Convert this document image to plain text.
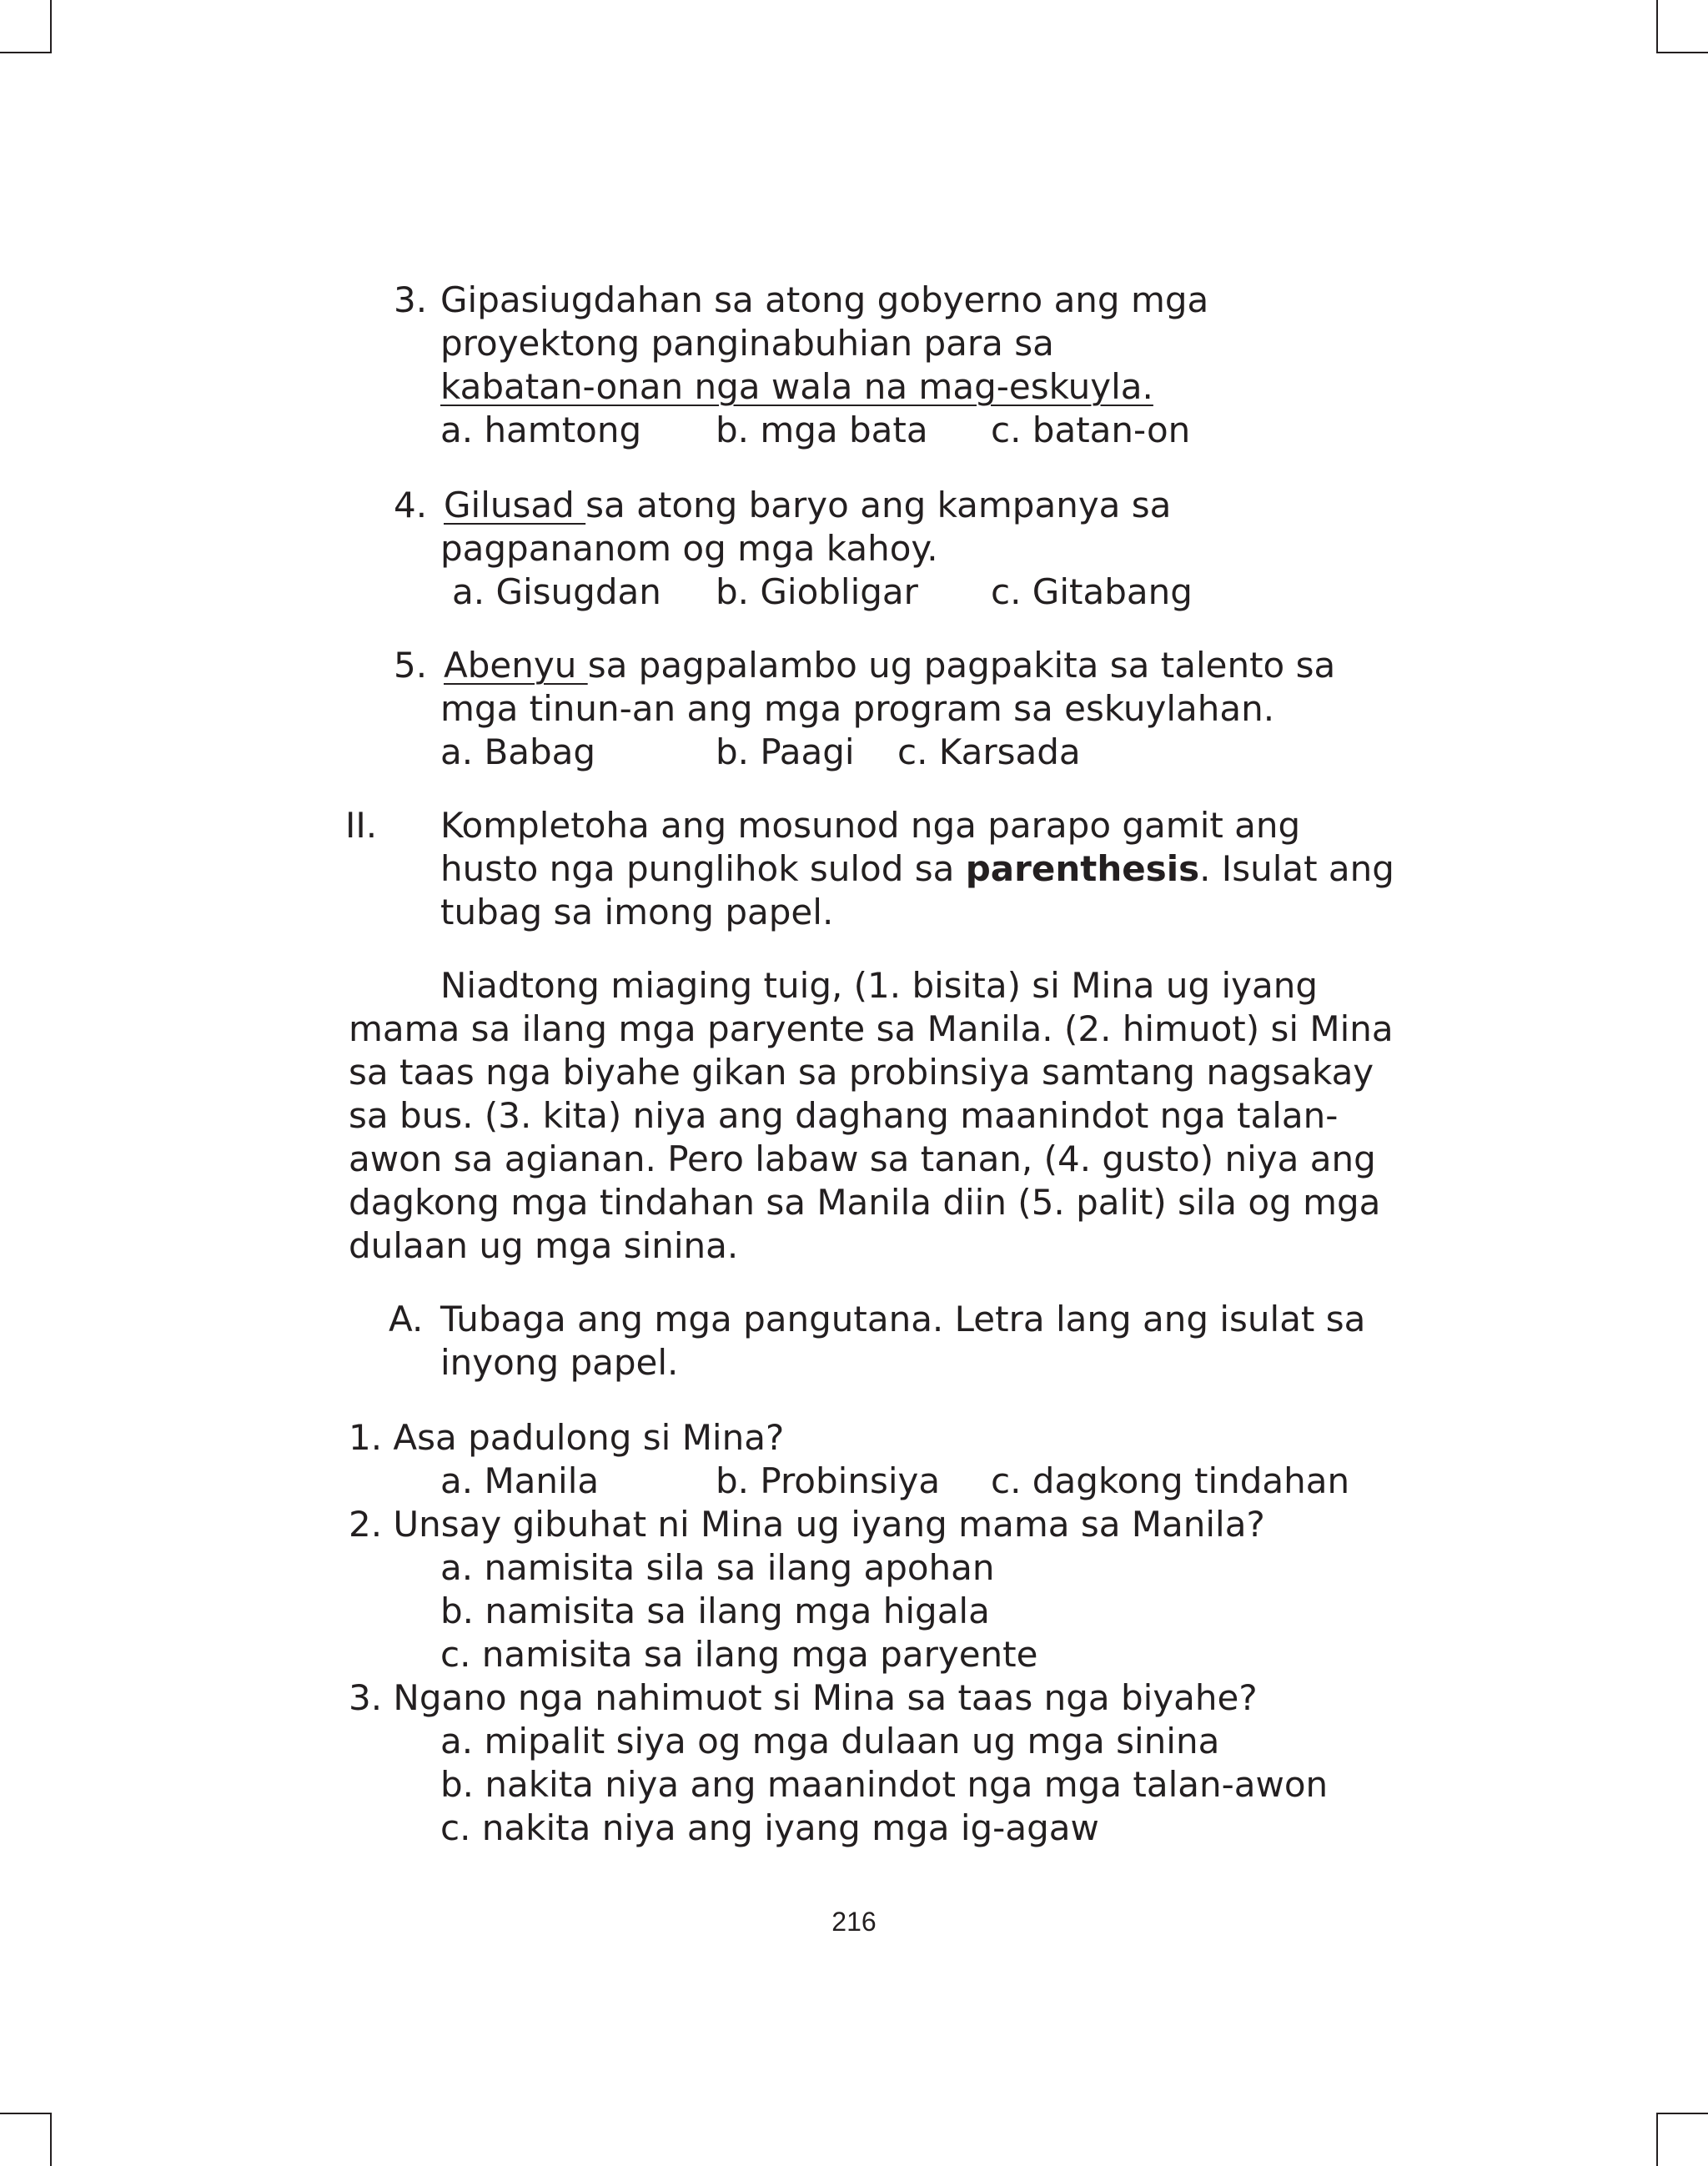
3. Gipasiugdahan sa atong gobyerno ang mga
proyektong panginabuhian para sa
kabatan-onan nga wala na mag-eskuyla.
a. hamtong b. mga bata c. batan-on
4. Gilusad sa atong baryo ang kampanya sa
pagpananom og mga kahoy.
a. Gisugdan b. Giobligar c. Gitabang
5. Abenyu sa pagpalambo ug pagpakita sa talento sa
mga tinun-an ang mga program sa eskuylahan.
a. Babag	b. Paagi c. Karsada
II. Kompletoha ang mosunod nga parapo gamit ang
husto nga punglihok sulod sa parenthesis. Isulat ang
tubag sa imong papel.
Niadtong miaging tuig, (1. bisita) si Mina ug iyang
mama sa ilang mga paryente sa Manila. (2. himuot) si Mina
sa taas nga biyahe gikan sa probinsiya samtang nagsakay
sa bus. (3. kita) niya ang daghang maanindot nga talan-
awon sa agianan. Pero labaw sa tanan, (4. gusto) niya ang
dagkong mga tindahan sa Manila diin (5. palit) sila og mga
dulaan ug mga sinina.
A. Tubaga ang mga pangutana. Letra lang ang isulat sa
inyong papel.
1. Asa padulong si Mina?
a. Manila	b. Probinsiya c. dagkong tindahan
2. Unsay gibuhat ni Mina ug iyang mama sa Manila?
a. namisita sila sa ilang apohan
b. namisita sa ilang mga higala
c. namisita sa ilang mga paryente
3. Ngano nga nahimuot si Mina sa taas nga biyahe?
a. mipalit siya og mga dulaan ug mga sinina
b. nakita niya ang maanindot nga mga talan-awon
c. nakita niya ang iyang mga ig-agaw
216
